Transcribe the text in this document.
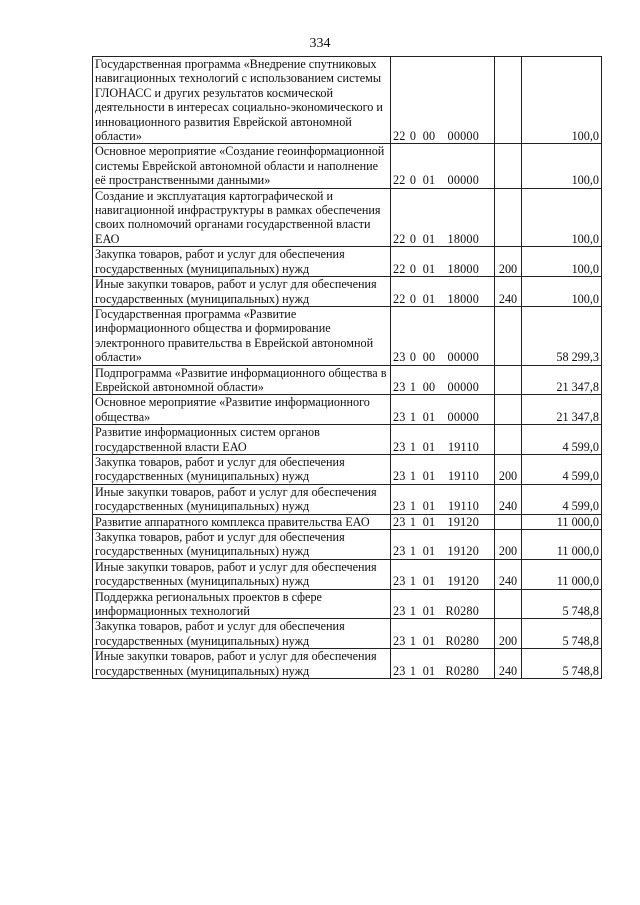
334
Государственная программа «Внедрение спутниковых навигационных технологий с использованием системы ГЛОНАСС и других результатов космической деятельности в интересах социально-экономического и инновационного развития Еврейской автономной области»	22 0 00 00000		100,0
Основное мероприятие «Создание геоинформационной системы Еврейской автономной области и наполнение её пространственными данными»	22 0 01 00000		100,0
Создание и эксплуатация картографической и навигационной инфраструктуры в рамках обеспечения своих полномочий органами государственной власти ЕАО	22 0 01 18000		100,0
Закупка товаров, работ и услуг для обеспечения государственных (муниципальных) нужд	22 0 01 18000	200	100,0
Иные закупки товаров, работ и услуг для обеспечения государственных (муниципальных) нужд	22 0 01 18000	240	100,0
Государственная программа «Развитие информационного общества и формирование электронного правительства в Еврейской автономной области»	23 0 00 00000		58 299,3
Подпрограмма «Развитие информационного общества в Еврейской автономной области»	23 1 00 00000		21 347,8
Основное мероприятие «Развитие информационного общества»	23 1 01 00000		21 347,8
Развитие информационных систем органов государственной власти ЕАО	23 1 01 19110		4 599,0
Закупка товаров, работ и услуг для обеспечения государственных (муниципальных) нужд	23 1 01 19110	200	4 599,0
Иные закупки товаров, работ и услуг для обеспечения государственных (муниципальных) нужд	23 1 01 19110	240	4 599,0
Развитие аппаратного комплекса правительства ЕАО	23 1 01 19120		11 000,0
Закупка товаров, работ и услуг для обеспечения государственных (муниципальных) нужд	23 1 01 19120	200	11 000,0
Иные закупки товаров, работ и услуг для обеспечения государственных (муниципальных) нужд	23 1 01 19120	240	11 000,0
Поддержка региональных проектов в сфере информационных технологий	23 1 01 R0280		5 748,8
Закупка товаров, работ и услуг для обеспечения государственных (муниципальных) нужд	23 1 01 R0280	200	5 748,8
Иные закупки товаров, работ и услуг для обеспечения государственных (муниципальных) нужд	23 1 01 R0280	240	5 748,8
